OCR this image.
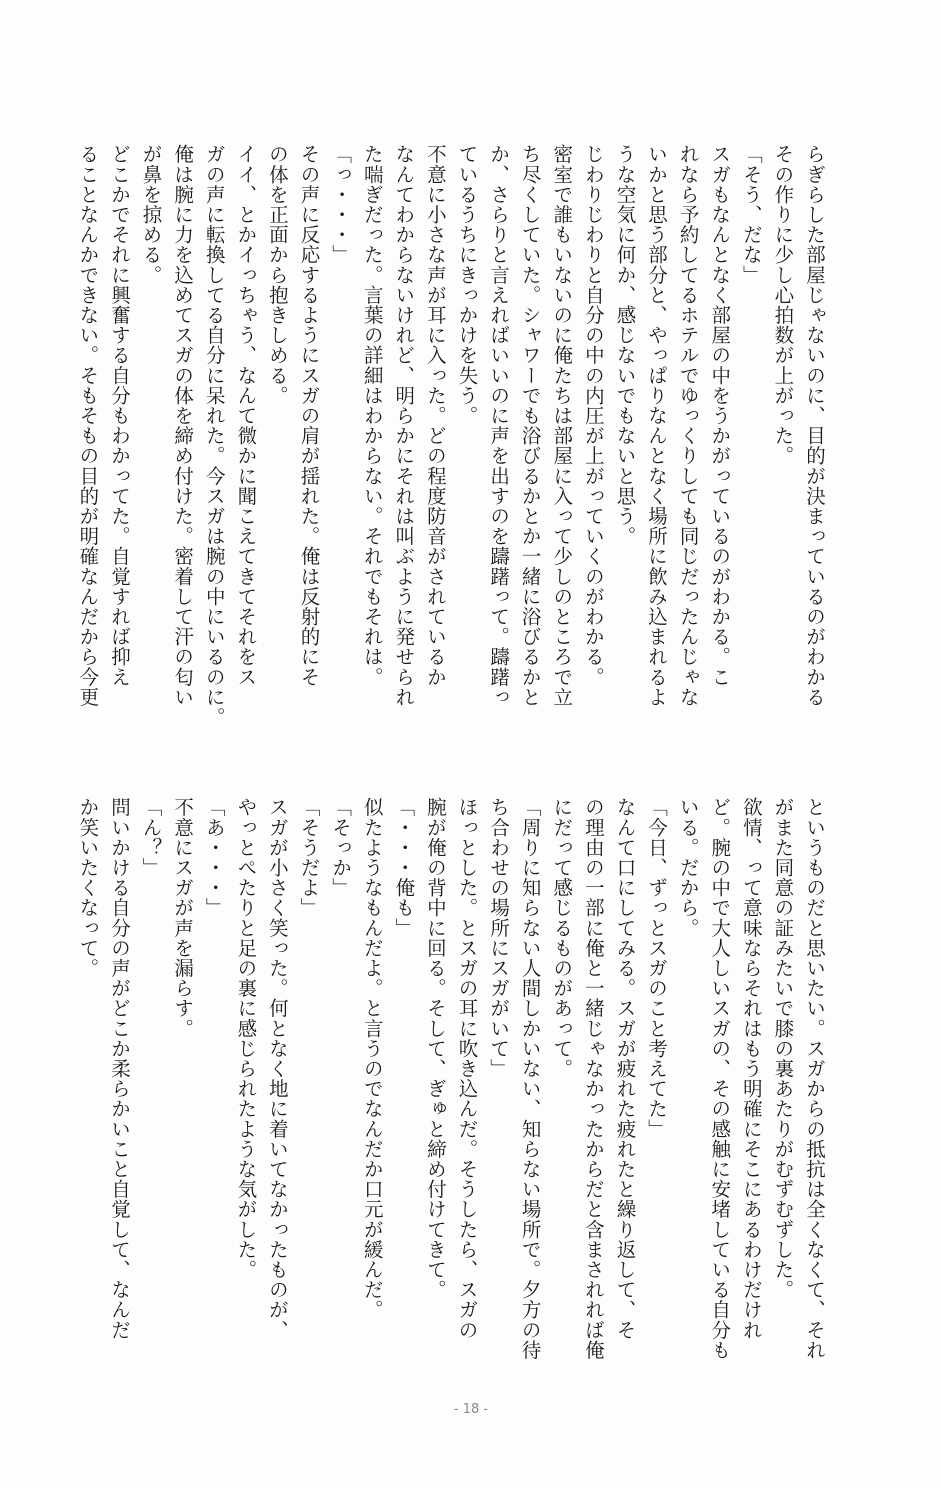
らぎらした部屋じゃないのに、目的が決まっているのがわかる
その作りに少し心拍数が上がった。
「そう、だな」
スガもなんとなく部屋の中をうかがっているのがわかる。こ
れなら予約してるホテルでゆっくりしても同じだったんじゃな
いかと思う部分と、やっぱりなんとなく場所に飲み込まれるよ
うな空気に何か、感じないでもないと思う。
じわりじわりと自分の中の内圧が上がっていくのがわかる。
密室で誰もいないのに俺たちは部屋に入って少しのところで立
ち尽くしていた。シャワーでも浴びるかとか一緒に浴びるかと
か、さらりと言えればいいのに声を出すのを躊躇って。躊躇っ
ているうちにきっかけを失う。
不意に小さな声が耳に入った。どの程度防音がされているか
なんてわからないけれど、明らかにそれは叫ぶように発せられ
た喘ぎだった。言葉の詳細はわからない。それでもそれは。
「っ・・・」
その声に反応するようにスガの肩が揺れた。俺は反射的にそ
の体を正面から抱きしめる。
イイ、とかイっちゃう、なんて微かに聞こえてきてそれをス
ガの声に転換してる自分に呆れた。今スガは腕の中にいるのに。
俺は腕に力を込めてスガの体を締め付けた。密着して汗の匂い
が鼻を掠める。
どこかでそれに興奮する自分もわかってた。自覚すれば抑え
ることなんかできない。そもそもの目的が明確なんだから今更
というものだと思いたい。スガからの抵抗は全くなくて、それ
がまた同意の証みたいで膝の裏あたりがむずむずした。
欲情、って意味ならそれはもう明確にそこにあるわけだけれ
ど。腕の中で大人しいスガの、その感触に安堵している自分も
いる。だから。
「今日、ずっとスガのこと考えてた」
なんて口にしてみる。スガが疲れた疲れたと繰り返して、そ
の理由の一部に俺と一緒じゃなかったからだと含まされれば俺
にだって感じるものがあって。
「周りに知らない人間しかいない、知らない場所で。夕方の待
ち合わせの場所にスガがいて」
ほっとした。とスガの耳に吹き込んだ。そうしたら、スガの
腕が俺の背中に回る。そして、ぎゅと締め付けてきて。
「・・・俺も」
似たようなもんだよ。と言うのでなんだか口元が緩んだ。
「そっか」
「そうだよ」
スガが小さく笑った。何となく地に着いてなかったものが、
やっとぺたりと足の裏に感じられたような気がした。
「あ・・・」
不意にスガが声を漏らす。
「ん？」
問いかける自分の声がどこか柔らかいこと自覚して、なんだ
か笑いたくなって。
- 18 -
